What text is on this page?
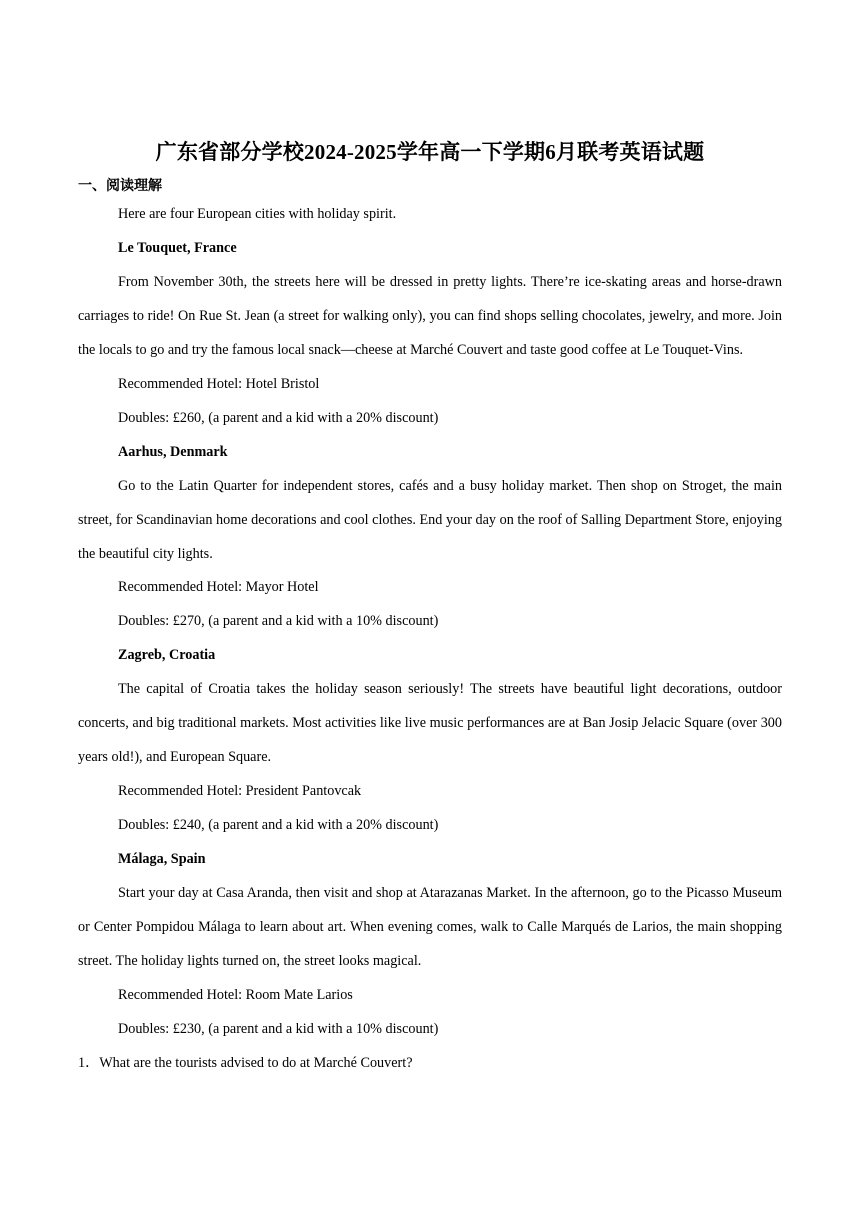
广东省部分学校2024-2025学年高一下学期6月联考英语试题
一、阅读理解

Here are four European cities with holiday spirit.

Le Touquet, France

From November 30th, the streets here will be dressed in pretty lights. There’re ice-skating areas and horse-drawn carriages to ride! On Rue St. Jean (a street for walking only), you can find shops selling chocolates, jewelry, and more. Join the locals to go and try the famous local snack—cheese at Marché Couvert and taste good coffee at Le Touquet-Vins.

Recommended Hotel: Hotel Bristol

Doubles: £260, (a parent and a kid with a 20% discount)

Aarhus, Denmark

Go to the Latin Quarter for independent stores, cafés and a busy holiday market. Then shop on Stroget, the main street, for Scandinavian home decorations and cool clothes. End your day on the roof of Salling Department Store, enjoying the beautiful city lights.

Recommended Hotel: Mayor Hotel

Doubles: £270, (a parent and a kid with a 10% discount)

Zagreb, Croatia

The capital of Croatia takes the holiday season seriously! The streets have beautiful light decorations, outdoor concerts, and big traditional markets. Most activities like live music performances are at Ban Josip Jelacic Square (over 300 years old!), and European Square.

Recommended Hotel: President Pantovcak

Doubles: £240, (a parent and a kid with a 20% discount)

Málaga, Spain

Start your day at Casa Aranda, then visit and shop at Atarazanas Market. In the afternoon, go to the Picasso Museum or Center Pompidou Málaga to learn about art. When evening comes, walk to Calle Marqués de Larios, the main shopping street. The holiday lights turned on, the street looks magical.

Recommended Hotel: Room Mate Larios

Doubles: £230, (a parent and a kid with a 10% discount)

1．What are the tourists advised to do at Marché Couvert?
